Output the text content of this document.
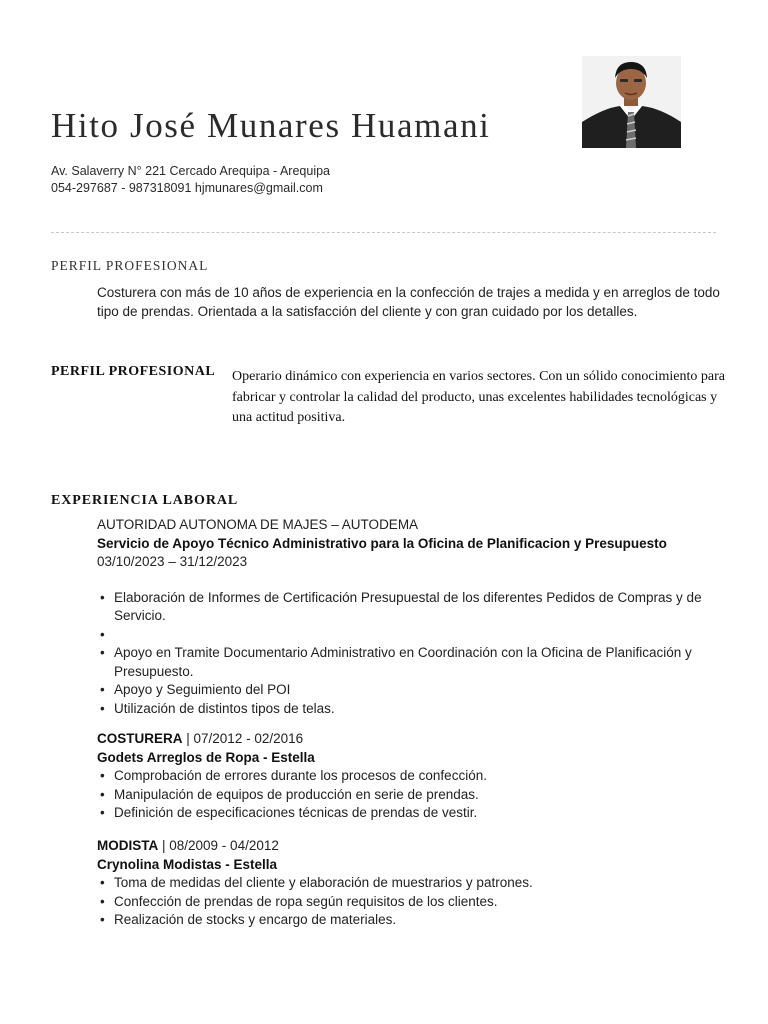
Hito José Munares Huamani
Av. Salaverry N° 221 Cercado Arequipa - Arequipa
054-297687 - 987318091 hjmunares@gmail.com
PERFIL PROFESIONAL
Costurera con más de 10 años de experiencia en la confección de trajes a medida y en arreglos de todo tipo de prendas. Orientada a la satisfacción del cliente y con gran cuidado por los detalles.
PERFIL PROFESIONAL Operario dinámico con experiencia en varios sectores. Con un sólido conocimiento para fabricar y controlar la calidad del producto, unas excelentes habilidades tecnológicas y una actitud positiva.
EXPERIENCIA LABORAL
AUTORIDAD AUTONOMA DE MAJES – AUTODEMA
Servicio de Apoyo Técnico Administrativo para la Oficina de Planificacion y Presupuesto
03/10/2023 – 31/12/2023
• Elaboración de Informes de Certificación Presupuestal de los diferentes Pedidos de Compras y de Servicio.
•
• Apoyo en Tramite Documentario Administrativo en Coordinación con la Oficina de Planificación y Presupuesto.
• Apoyo y Seguimiento del POI
• Utilización de distintos tipos de telas.
COSTURERA | 07/2012 - 02/2016
Godets Arreglos de Ropa - Estella
• Comprobación de errores durante los procesos de confección.
• Manipulación de equipos de producción en serie de prendas.
• Definición de especificaciones técnicas de prendas de vestir.
MODISTA | 08/2009 - 04/2012
Crynolina Modistas - Estella
• Toma de medidas del cliente y elaboración de muestrarios y patrones.
• Confección de prendas de ropa según requisitos de los clientes.
• Realización de stocks y encargo de materiales.
